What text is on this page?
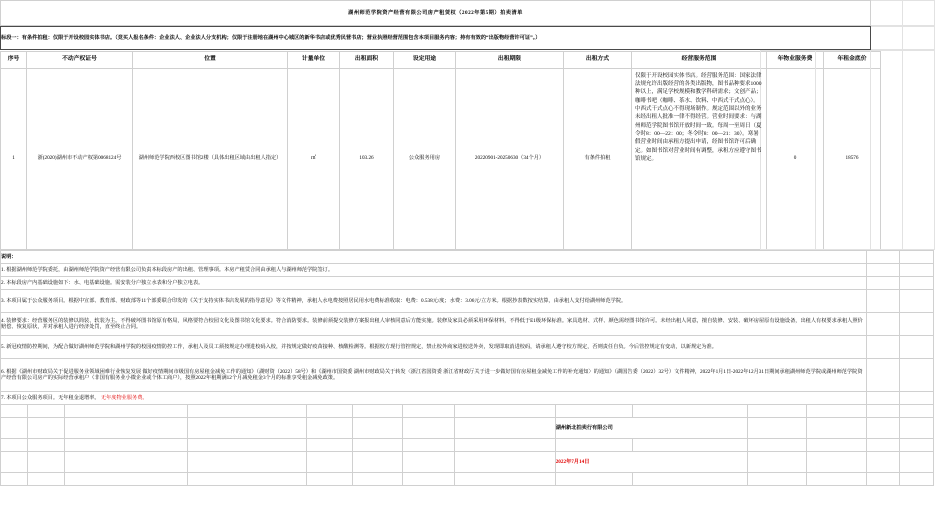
湖州师范学院资产经营有限公司房产租赁权（2022年第5期）拍卖清单		
标段一：有条件拍租：仅限于开设校园实体书店。（竞买人报名条件：企业法人、企业法人分支机构；仅限于注册地在湖州中心城区的新华书店或优秀民营书店；营业执照经营范围包含本项目服务内容；持有有效的“出版物经营许可证”。）		
序号	不动产权证号	位置	计量单位	出租面积	设定用途	出租期限	出租方式	经营服务范围	年物业服务费	年租金底价
1	浙(2020)湖州市不动产权第0068124号	湖州师范学院西校区图书馆2楼（具体出租区域由出租人指定）	㎡	103.26	公众服务用房	20220901-20250630（34个月）	有条件拍租	仅限于开设校园实体书店。经营服务范围：国家法律法规允许出版经营的各类出版物，图书品种要求1000种以上，满足学校规模和教学科研需求；文创产品；咖啡书吧（咖啡、茶水、饮料、中西式干式点心）。中西式干式点心不得现场制作。规定范围以外的业务未经出租人批准一律不得经营。营业时间要求：与湖州师范学院图书馆开放时间一致。每周一至周日（夏令时8：00—22：00；冬令时8：00—21：30）。寒暑假营业时间由承租方提出申请，经图书馆许可后确定。如图书馆对营业时间有调整，承租方应遵守图书馆规定。	0	18576

说明：													
1. 根据湖州师范学院委托，由湖州师范学院资产经营有限公司负责本标段房产的出租、管理事项。本房产租赁合同由承租人与湖州师范学院签订。													
2. 本标段房产内基础设施如下：水、电基础设施。需安装分户独立水表和分户独立电表。													
3. 本项目属于公众服务项目。根据中宣部、教育部、财政部等11个部委联合印发的《关于支持实体书店发展的指导意见》等文件精神，承租人水电费按照居民用水电费标准收取：电费：0.538元/度；水费：3.06元/立方米。根据抄表数按实结算，由承租人支付给湖州师范学院。													
4. 装修要求：经营服务区的装修以简装、软装为主。不得破坏图书馆原有格局，风格要符合校园文化及图书馆文化要求。符合消防要求。装修前须提交装修方案报出租人审核同意后方能实施。装修及家具必须采用环保材料，不得低于E1级环保标准。家具选材、式样、颜色需经图书馆许可。未经出租人同意，擅自装修、安装、破坏房屋原有设施设备，出租人有权要求承租人照价赔偿、恢复原状，并对承租人进行经济处罚，直至终止合同。													
5. 新冠疫情防控期间，为配合做好湖州师范学院和湖州学院的校园疫情防控工作，承租人及员工须按规定办理进校码入校，并按规定做好疫苗接种、核酸检测等。根据校方现行管控规定，禁止校外商家进校送外卖，发现即取消进校码，请承租人遵守校方规定，否则责任自负。今后管控规定有变动，以新规定为准。													
6. 根据《湖州市财政局关于促进服务业领域困难行业恢复发展 做好疫情期间市级国有房屋租金减免工作的通知》（湖财资（2022）58号）和《湖州市国资委 湖州市财政局关于转发〈浙江省国资委 浙江省财政厅关于进一步做好国有房屋租金减免工作的补充通知〉的通知》（湖国告委（2022）32号）文件精神，2022年1月1日-2022年12月31日期间承租湖州师范学院或湖州师范学院资产经营有限公司房产的实际经营承租户（非国有服务业小微企业或个体工商户），按照2022年租期满12个月减免租金3个月的标准享受租金减免政策。													
7. 本项目公众服务项目。无年租金退增率。 无年度物业服务费。													

								湖州新北拍卖行有限公司					

								2022年7月14日					
